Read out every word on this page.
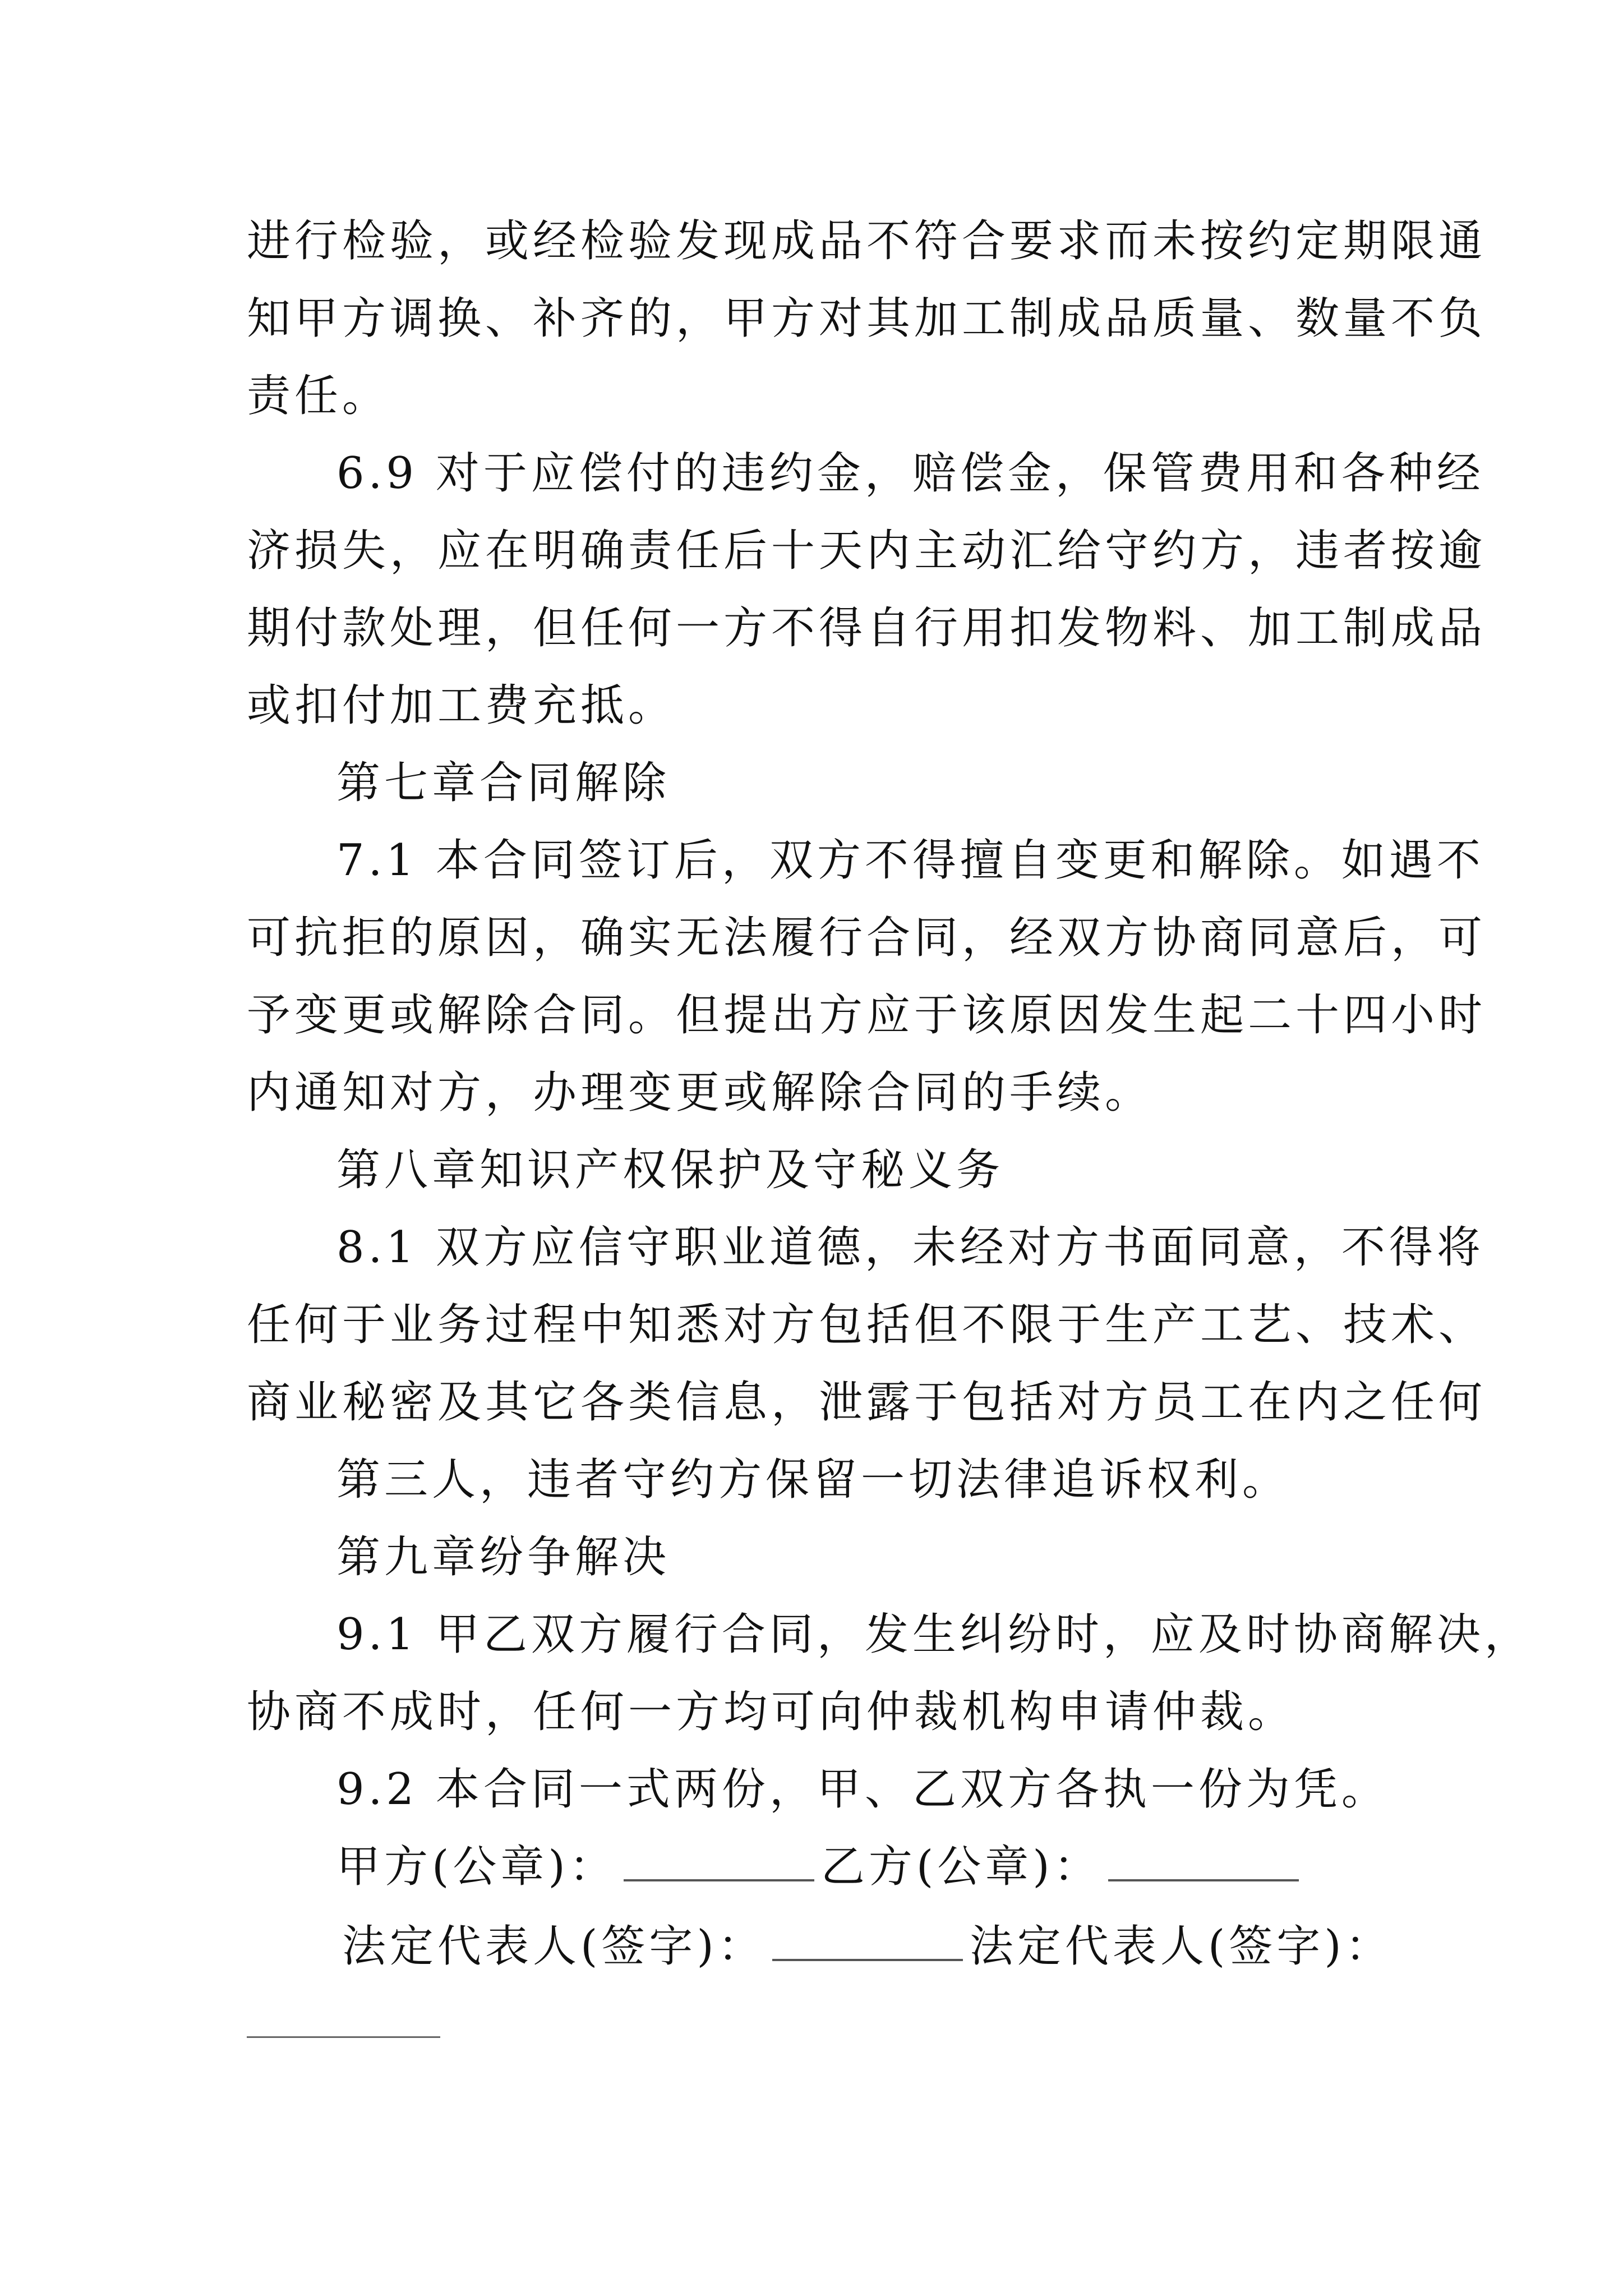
进行检验，或经检验发现成品不符合要求而未按约定期限通
知甲方调换、补齐的，甲方对其加工制成品质量、数量不负
责任。
6.9 对于应偿付的违约金，赔偿金，保管费用和各种经
济损失，应在明确责任后十天内主动汇给守约方，违者按逾
期付款处理，但任何一方不得自行用扣发物料、加工制成品
或扣付加工费充抵。
第七章合同解除
7.1 本合同签订后，双方不得擅自变更和解除。如遇不
可抗拒的原因，确实无法履行合同，经双方协商同意后，可
予变更或解除合同。但提出方应于该原因发生起二十四小时
内通知对方，办理变更或解除合同的手续。
第八章知识产权保护及守秘义务
8.1 双方应信守职业道德，未经对方书面同意，不得将
任何于业务过程中知悉对方包括但不限于生产工艺、技术、
商业秘密及其它各类信息，泄露于包括对方员工在内之任何
第三人，违者守约方保留一切法律追诉权利。
第九章纷争解决
9.1 甲乙双方履行合同，发生纠纷时，应及时协商解决，
协商不成时，任何一方均可向仲裁机构申请仲裁。
9.2 本合同一式两份，甲、乙双方各执一份为凭。
甲方(公章)：	乙方(公章)：
法定代表人(签字)：	法定代表人(签字)：
